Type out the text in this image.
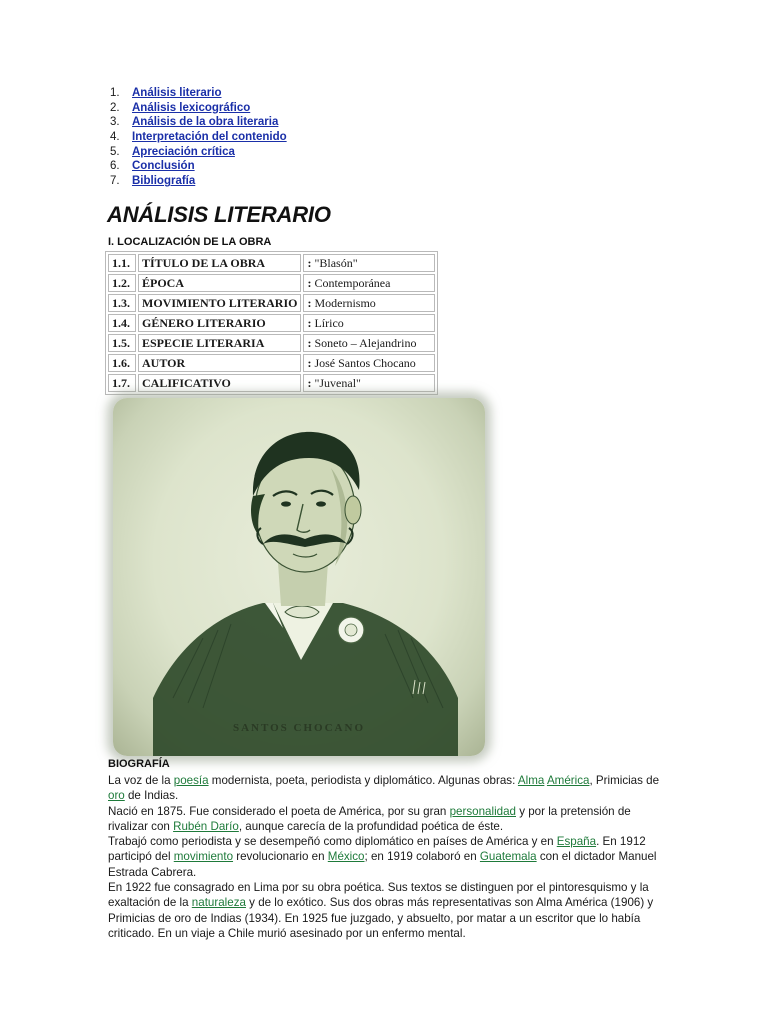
1. Análisis literario
2. Análisis lexicográfico
3. Análisis de la obra literaria
4. Interpretación del contenido
5. Apreciación crítica
6. Conclusión
7. Bibliografía
ANÁLISIS LITERARIO
I. LOCALIZACIÓN DE LA OBRA
1.1.	TÍTULO DE LA OBRA	: "Blasón"
1.2.	ÉPOCA	: Contemporánea
1.3.	MOVIMIENTO LITERARIO	: Modernismo
1.4.	GÉNERO LITERARIO	: Lírico
1.5.	ESPECIE LITERARIA	: Soneto – Alejandrino
1.6.	AUTOR	: José Santos Chocano
1.7.	CALIFICATIVO	: "Juvenal"
SANTOS CHOCANO
BIOGRAFÍA

La voz de la poesía modernista, poeta, periodista y diplomático. Algunas obras: Alma América, Primicias de oro de Indias.

Nació en 1875. Fue considerado el poeta de América, por su gran personalidad y por la pretensión de rivalizar con Rubén Darío, aunque carecía de la profundidad poética de éste.

Trabajó como periodista y se desempeñó como diplomático en países de América y en España. En 1912 participó del movimiento revolucionario en México; en 1919 colaboró en Guatemala con el dictador Manuel Estrada Cabrera.

En 1922 fue consagrado en Lima por su obra poética. Sus textos se distinguen por el pintoresquismo y la exaltación de la naturaleza y de lo exótico. Sus dos obras más representativas son Alma América (1906) y Primicias de oro de Indias (1934). En 1925 fue juzgado, y absuelto, por matar a un escritor que lo había criticado. En un viaje a Chile murió asesinado por un enfermo mental.
